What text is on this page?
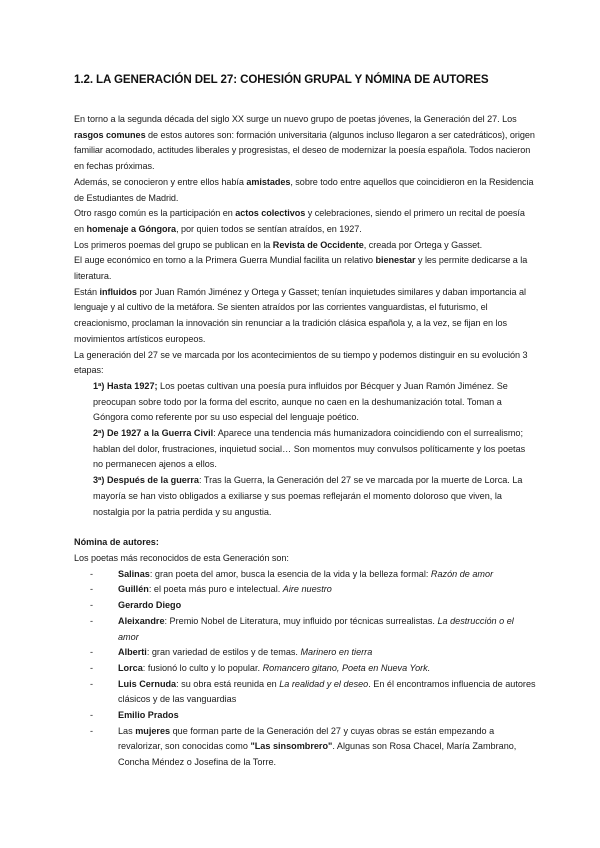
1.2. LA GENERACIÓN DEL 27: COHESIÓN GRUPAL Y NÓMINA DE AUTORES

En torno a la segunda década del siglo XX surge un nuevo grupo de poetas jóvenes, la Generación del 27. Los rasgos comunes de estos autores son: formación universitaria (algunos incluso llegaron a ser catedráticos), origen familiar acomodado, actitudes liberales y progresistas, el deseo de modernizar la poesía española. Todos nacieron en fechas próximas.

Además, se conocieron y entre ellos había amistades, sobre todo entre aquellos que coincidieron en la Residencia de Estudiantes de Madrid.

Otro rasgo común es la participación en actos colectivos y celebraciones, siendo el primero un recital de poesía en homenaje a Góngora, por quien todos se sentían atraídos, en 1927.

Los primeros poemas del grupo se publican en la Revista de Occidente, creada por Ortega y Gasset.

El auge económico en torno a la Primera Guerra Mundial facilita un relativo bienestar y les permite dedicarse a la literatura.

Están influidos por Juan Ramón Jiménez y Ortega y Gasset; tenían inquietudes similares y daban importancia al lenguaje y al cultivo de la metáfora. Se sienten atraídos por las corrientes vanguardistas, el futurismo, el creacionismo, proclaman la innovación sin renunciar a la tradición clásica española y, a la vez, se fijan en los movimientos artísticos europeos.

La generación del 27 se ve marcada por los acontecimientos de su tiempo y podemos distinguir en su evolución 3 etapas:

1ª) Hasta 1927; Los poetas cultivan una poesía pura influidos por Bécquer y Juan Ramón Jiménez. Se preocupan sobre todo por la forma del escrito, aunque no caen en la deshumanización total. Toman a Góngora como referente por su uso especial del lenguaje poético.
2ª) De 1927 a la Guerra Civil: Aparece una tendencia más humanizadora coincidiendo con el surrealismo; hablan del dolor, frustraciones, inquietud social… Son momentos muy convulsos políticamente y los poetas no permanecen ajenos a ellos.
3ª) Después de la guerra: Tras la Guerra, la Generación del 27 se ve marcada por la muerte de Lorca. La mayoría se han visto obligados a exiliarse y sus poemas reflejarán el momento doloroso que viven, la nostalgia por la patria perdida y su angustia.

Nómina de autores:

Los poetas más reconocidos de esta Generación son:

-	Salinas: gran poeta del amor, busca la esencia de la vida y la belleza formal: Razón de amor
-	Guillén: el poeta más puro e intelectual. Aire nuestro
-	Gerardo Diego
-	Aleixandre: Premio Nobel de Literatura, muy influido por técnicas surrealistas. La destrucción o el amor
-	Alberti: gran variedad de estilos y de temas. Marinero en tierra
-	Lorca: fusionó lo culto y lo popular. Romancero gitano, Poeta en Nueva York.
-	Luis Cernuda: su obra está reunida en La realidad y el deseo. En él encontramos influencia de autores clásicos y de las vanguardias
-	Emilio Prados
-	Las mujeres que forman parte de la Generación del 27 y cuyas obras se están empezando a revalorizar, son conocidas como "Las sinsombrero". Algunas son Rosa Chacel, María Zambrano, Concha Méndez o Josefina de la Torre.
